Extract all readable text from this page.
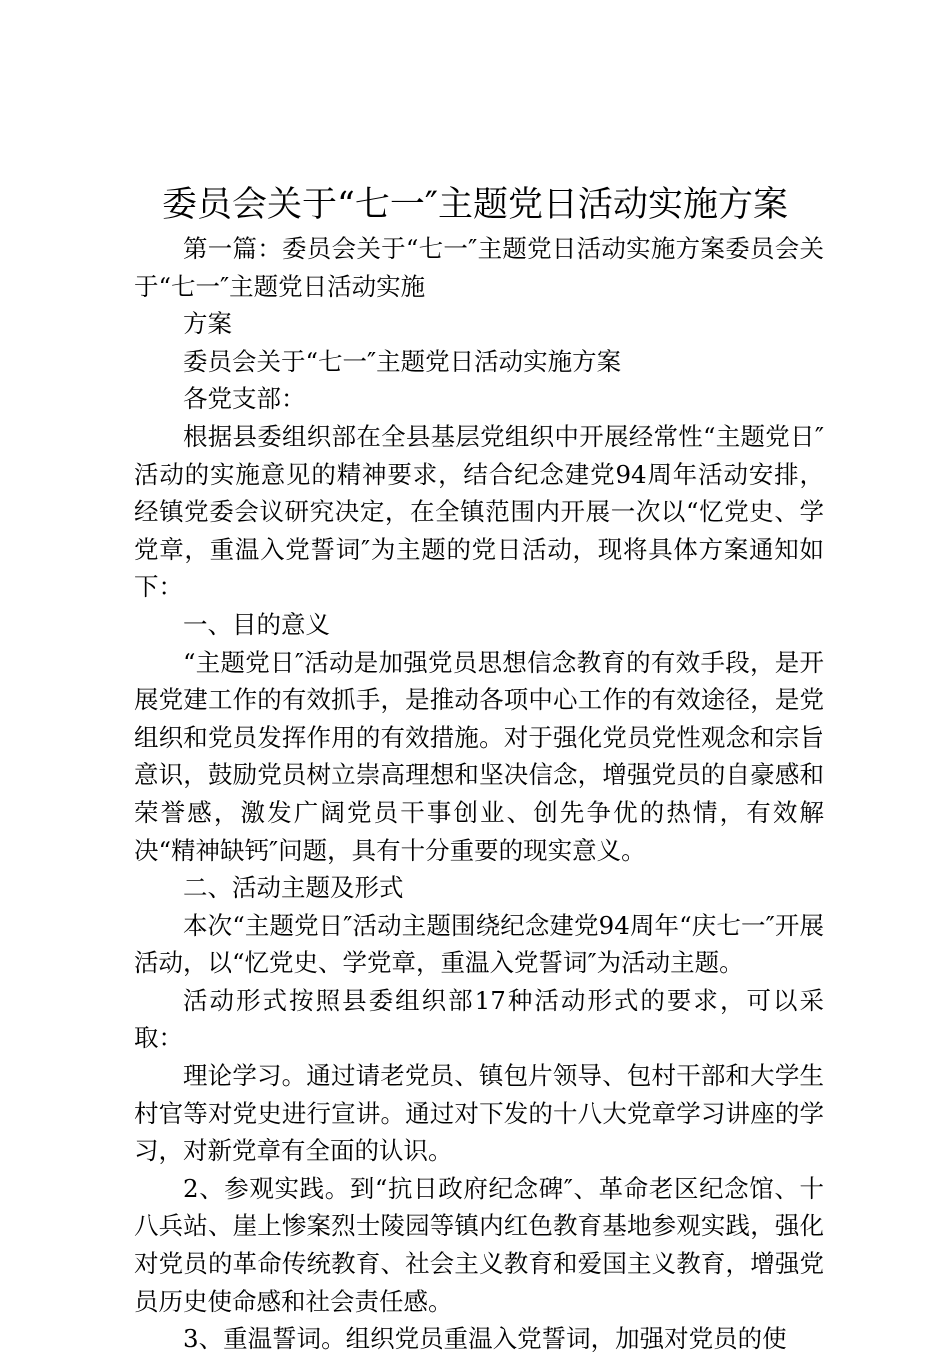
委员会关于“七一″主题党日活动实施方案

第一篇：委员会关于“七一″主题党日活动实施方案委员会关于“七一″主题党日活动实施

方案

委员会关于“七一″主题党日活动实施方案

各党支部：

根据县委组织部在全县基层党组织中开展经常性“主题党日″活动的实施意见的精神要求，结合纪念建党94周年活动安排，经镇党委会议研究决定，在全镇范围内开展一次以“忆党史、学党章，重温入党誓词″为主题的党日活动，现将具体方案通知如下：

一、目的意义

“主题党日″活动是加强党员思想信念教育的有效手段，是开展党建工作的有效抓手，是推动各项中心工作的有效途径，是党组织和党员发挥作用的有效措施。对于强化党员党性观念和宗旨意识，鼓励党员树立崇高理想和坚决信念，增强党员的自豪感和荣誉感，激发广阔党员干事创业、创先争优的热情，有效解决“精神缺钙″问题，具有十分重要的现实意义。

二、活动主题及形式

本次“主题党日″活动主题围绕纪念建党94周年“庆七一″开展活动，以“忆党史、学党章，重温入党誓词″为活动主题。

活动形式按照县委组织部17种活动形式的要求，可以采取：

理论学习。通过请老党员、镇包片领导、包村干部和大学生村官等对党史进行宣讲。通过对下发的十八大党章学习讲座的学习，对新党章有全面的认识。

2、参观实践。到“抗日政府纪念碑″、革命老区纪念馆、十八兵站、崖上惨案烈士陵园等镇内红色教育基地参观实践，强化对党员的革命传统教育、社会主义教育和爱国主义教育，增强党员历史使命感和社会责任感。

3、重温誓词。组织党员重温入党誓词，加强对党员的使
